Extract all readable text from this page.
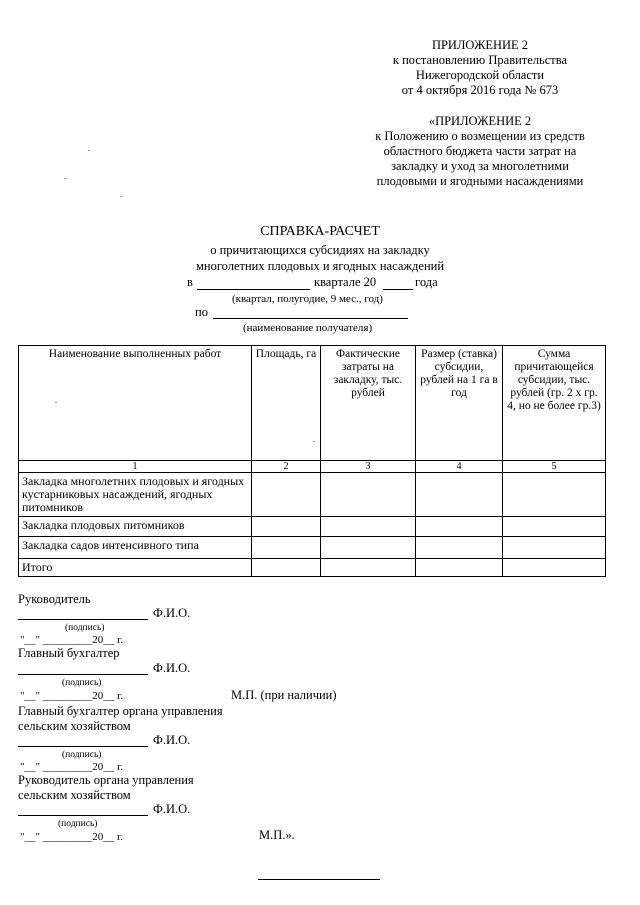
ПРИЛОЖЕНИЕ 2
к постановлению Правительства
Нижегородской области
от 4 октября 2016 года № 673
«ПРИЛОЖЕНИЕ 2
к Положению о возмещении из средств
областного бюджета части затрат на
закладку и уход за многолетними
плодовыми и ягодными насаждениями
СПРАВКА-РАСЧЕТ
о причитающихся субсидиях на закладку
многолетних плодовых и ягодных насаждений
в	квартале 20	года
(квартал, полугодие, 9 мес., год)
по
(наименование получателя)
Наименование выполненных работ	Площадь, га	Фактические затраты на закладку, тыс. рублей	Размер (ставка) субсидии, рублей на 1 га в год	Сумма причитающейся субсидии, тыс. рублей (гр. 2 х гр. 4, но не более гр.3)
1	2	3	4	5
Закладка многолетних плодовых и ягодных кустарниковых насаждений, ягодных питомников				
Закладка плодовых питомников				
Закладка садов интенсивного типа				
Итого				
Руководитель
Ф.И.О.
(подпись)
"__" _________20__ г.
Главный бухгалтер
Ф.И.О.
(подпись)
"__" _________20__ г.	М.П. (при наличии)
Главный бухгалтер органа управления
сельским хозяйством
Ф.И.О.
(подпись)
"__" _________20__ г.
Руководитель органа управления
сельским хозяйством
Ф.И.О.
(подпись)
"__" _________20__ г.	М.П.».
